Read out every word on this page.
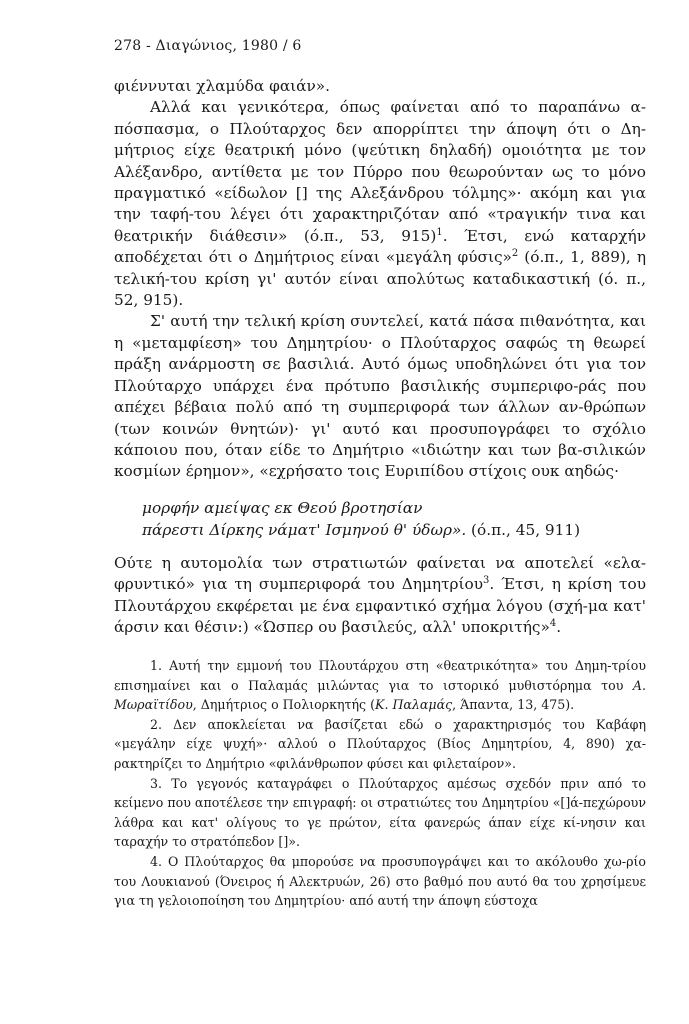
278 - Διαγώνιος, 1980 / 6

φιέννυται χλαμύδα φαιάν».

Αλλά και γενικότερα, όπως φαίνεται από το παραπάνω α-πόσπασμα, ο Πλούταρχος δεν απορρίπτει την άποψη ότι ο Δη-μήτριος είχε θεατρική μόνο (ψεύτικη δηλαδή) ομοιότητα με τον Αλέξανδρο, αντίθετα με τον Πύρρο που θεωρούνταν ως το μόνο πραγματικό «είδωλον [] της Αλεξάνδρου τόλμης»· ακόμη και για την ταφή-του λέγει ότι χαρακτηριζόταν από «τραγικήν τινα και θεατρικήν διάθεσιν» (ό.π., 53, 915)$^1$. Έτσι, ενώ καταρχήν αποδέχεται ότι ο Δημήτριος είναι «μεγάλη φύσις»$^2$ (ό.π., 1, 889), η τελική-του κρίση γι' αυτόν είναι απολύτως καταδικαστική (ό. π., 52, 915).

Σ' αυτή την τελική κρίση συντελεί, κατά πάσα πιθανότητα, και η «μεταμφίεση» του Δημητρίου· ο Πλούταρχος σαφώς τη θεωρεί πράξη ανάρμοστη σε βασιλιά. Αυτό όμως υποδηλώνει ότι για τον Πλούταρχο υπάρχει ένα πρότυπο βασιλικής συμπεριφο-ράς που απέχει βέβαια πολύ από τη συμπεριφορά των άλλων αν-θρώπων (των κοινών θνητών)· γι' αυτό και προσυπογράφει το σχόλιο κάποιου που, όταν είδε το Δημήτριο «ιδιώτην και των βα-σιλικών κοσμίων έρημον», «εχρήσατο τοις Ευριπίδου στίχοις ουκ αηδώς·

μορφήν αμείψας εκ Θεού βροτησίαν
πάρεστι Δίρκης νάματ' Ισμηνού θ' ύδωρ». (ό.π., 45, 911)

Ούτε η αυτομολία των στρατιωτών φαίνεται να αποτελεί «ελα-φρυντικό» για τη συμπεριφορά του Δημητρίου$^3$. Έτσι, η κρίση του Πλουτάρχου εκφέρεται με ένα εμφαντικό σχήμα λόγου (σχή-μα κατ' άρσιν και θέσιν:) «Ώσπερ ου βασιλεύς, αλλ' υποκριτής»$^4$.

1. Αυτή την εμμονή του Πλουτάρχου στη «θεατρικότητα» του Δημη-τρίου επισημαίνει και ο Παλαμάς μιλώντας για το ιστορικό μυθιστόρημα του Α. Μωραϊτίδου, Δημήτριος ο Πολιορκητής (Κ. Παλαμάς, Άπαντα, 13, 475).

2. Δεν αποκλείεται να βασίζεται εδώ ο χαρακτηρισμός του Καβάφη «μεγάλην είχε ψυχή»· αλλού ο Πλούταρχος (Βίος Δημητρίου, 4, 890) χα-ρακτηρίζει το Δημήτριο «φιλάνθρωπον φύσει και φιλεταίρον».

3. Το γεγονός καταγράφει ο Πλούταρχος αμέσως σχεδόν πριν από το κείμενο που αποτέλεσε την επιγραφή: οι στρατιώτες του Δημητρίου «[]ά-πεχώρουν λάθρα και κατ' ολίγους το γε πρώτον, είτα φανερώς άπαν είχε κί-νησιν και ταραχήν το στρατόπεδον []».

4. Ο Πλούταρχος θα μπορούσε να προσυπογράψει και το ακόλουθο χω-ρίο του Λουκιανού (Όνειρος ή Αλεκτρυών, 26) στο βαθμό που αυτό θα του χρησίμευε για τη γελοιοποίηση του Δημητρίου· από αυτή την άποψη εύστοχα
